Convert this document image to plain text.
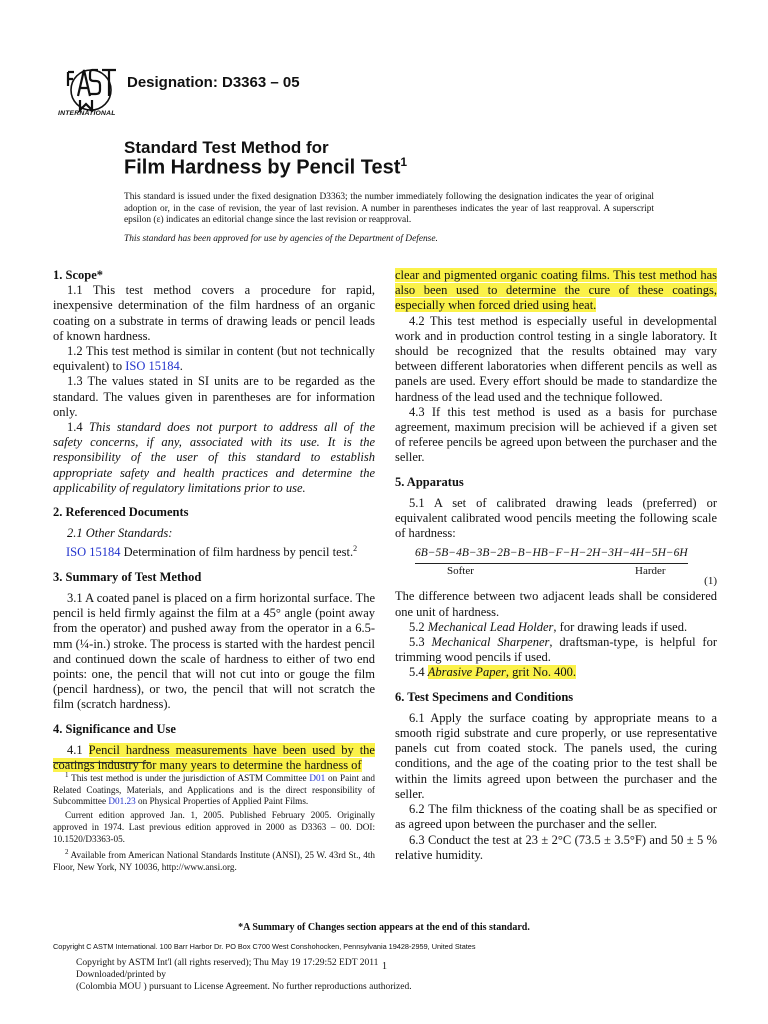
INTERNATIONAL
Designation: D3363 – 05
Standard Test Method for
Film Hardness by Pencil Test$^1$
This standard is issued under the fixed designation D3363; the number immediately following the designation indicates the year of original adoption or, in the case of revision, the year of last revision. A number in parentheses indicates the year of last reapproval. A superscript epsilon (ε) indicates an editorial change since the last revision or reapproval.
This standard has been approved for use by agencies of the Department of Defense.
1. Scope*

1.1 This test method covers a procedure for rapid, inexpensive determination of the film hardness of an organic coating on a substrate in terms of drawing leads or pencil leads of known hardness.

1.2 This test method is similar in content (but not technically equivalent) to ISO 15184.

1.3 The values stated in SI units are to be regarded as the standard. The values given in parentheses are for information only.

1.4 This standard does not purport to address all of the safety concerns, if any, associated with its use. It is the responsibility of the user of this standard to establish appropriate safety and health practices and determine the applicability of regulatory limitations prior to use.

2. Referenced Documents

2.1 Other Standards:

ISO 15184 Determination of film hardness by pencil test.$^2$

3. Summary of Test Method

3.1 A coated panel is placed on a firm horizontal surface. The pencil is held firmly against the film at a 45° angle (point away from the operator) and pushed away from the operator in a 6.5-mm (¼-in.) stroke. The process is started with the hardest pencil and continued down the scale of hardness to either of two end points: one, the pencil that will not cut into or gouge the film (pencil hardness), or two, the pencil that will not scratch the film (scratch hardness).

4. Significance and Use

4.1 Pencil hardness measurements have been used by the coatings industry for many years to determine the hardness of

clear and pigmented organic coating films. This test method has also been used to determine the cure of these coatings, especially when forced dried using heat.

4.2 This test method is especially useful in developmental work and in production control testing in a single laboratory. It should be recognized that the results obtained may vary between different laboratories when different pencils as well as panels are used. Every effort should be made to standardize the hardness of the lead used and the technique followed.

4.3 If this test method is used as a basis for purchase agreement, maximum precision will be achieved if a given set of referee pencils be agreed upon between the purchaser and the seller.

5. Apparatus

5.1 A set of calibrated drawing leads (preferred) or equivalent calibrated wood pencils meeting the following scale of hardness:

6B−5B−4B−3B−2B−B−HB−F−H−2H−3H−4H−5H−6H
Softer	Harder
(1)

The difference between two adjacent leads shall be considered one unit of hardness.

5.2 Mechanical Lead Holder, for drawing leads if used.

5.3 Mechanical Sharpener, draftsman-type, is helpful for trimming wood pencils if used.

5.4 Abrasive Paper, grit No. 400.

6. Test Specimens and Conditions

6.1 Apply the surface coating by appropriate means to a smooth rigid substrate and cure properly, or use representative panels cut from coated stock. The panels used, the curing conditions, and the age of the coating prior to the test shall be within the limits agreed upon between the purchaser and the seller.

6.2 The film thickness of the coating shall be as specified or as agreed upon between the purchaser and the seller.

6.3 Conduct the test at 23 ± 2°C (73.5 ± 3.5°F) and 50 ± 5 % relative humidity.

$^1$ This test method is under the jurisdiction of ASTM Committee D01 on Paint and Related Coatings, Materials, and Applications and is the direct responsibility of Subcommittee D01.23 on Physical Properties of Applied Paint Films.

Current edition approved Jan. 1, 2005. Published February 2005. Originally approved in 1974. Last previous edition approved in 2000 as D3363 – 00. DOI: 10.1520/D3363-05.

$^2$ Available from American National Standards Institute (ANSI), 25 W. 43rd St., 4th Floor, New York, NY 10036, http://www.ansi.org.

*A Summary of Changes section appears at the end of this standard.
Copyright C ASTM International. 100 Barr Harbor Dr. PO Box C700 West Conshohocken, Pennsylvania 19428-2959, United States
Copyright by ASTM Int'l (all rights reserved); Thu May 19 17:29:52 EDT 2011
Downloaded/printed by
(Colombia MOU ) pursuant to License Agreement. No further reproductions authorized.
1
